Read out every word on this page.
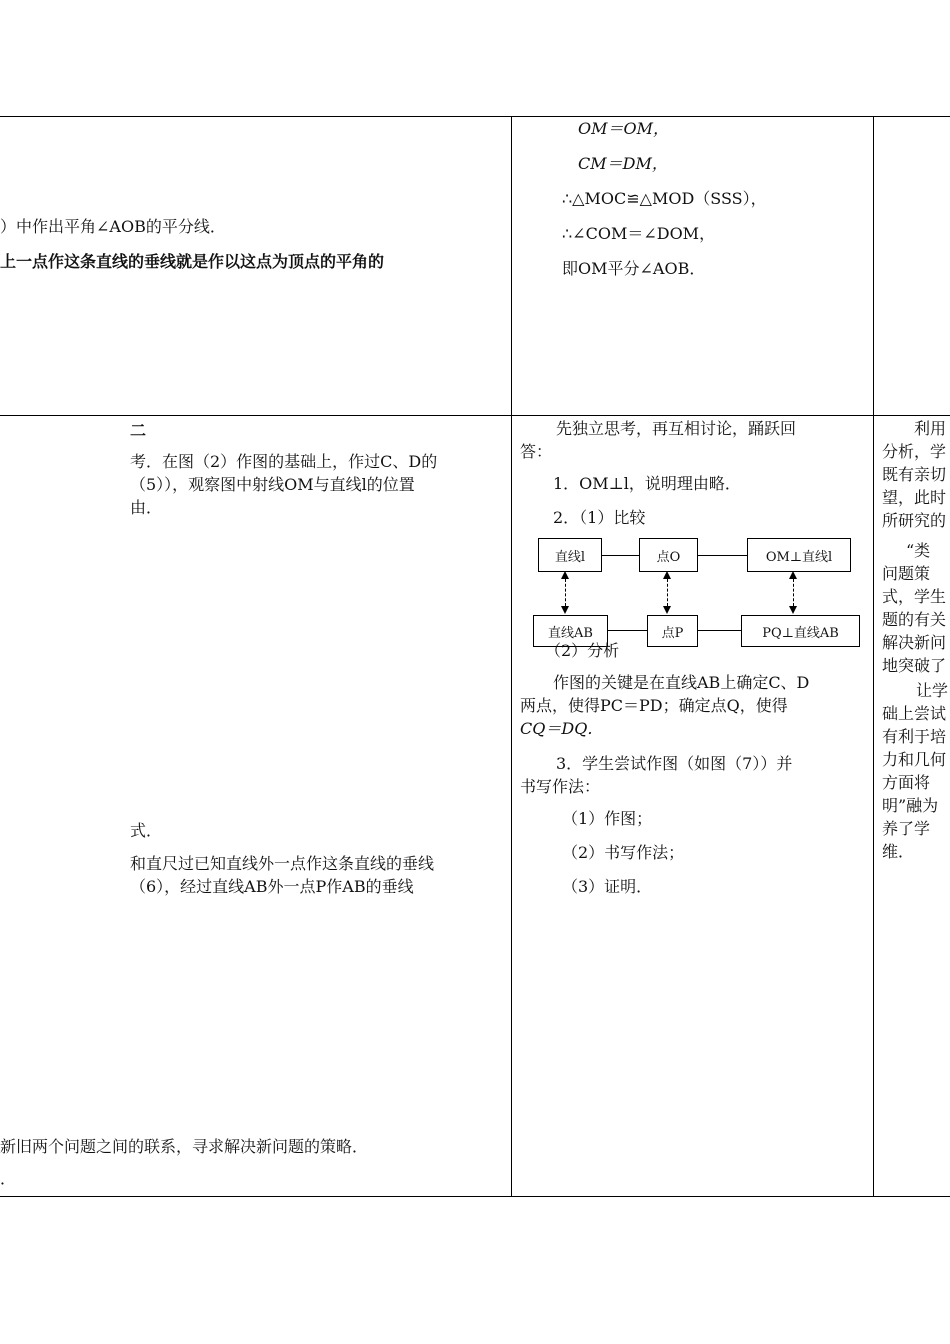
）中作出平角∠AOB的平分线．
上一点作这条直线的垂线就是作以这点为顶点的平角的
OM＝OM，
CM＝DM，
∴△MOC≌△MOD（SSS），
∴∠COM＝∠DOM，
即OM平分∠AOB．
二
考．在图（2）作图的基础上，作过C、D的
（5）），观察图中射线OM与直线l的位置
由．
式．
和直尺过已知直线外一点作这条直线的垂线
（6），经过直线AB外一点P作AB的垂线
新旧两个问题之间的联系，寻求解决新问题的策略．
．
先独立思考，再互相讨论，踊跃回
答：
1．OM⊥l，说明理由略．
2．（1）比较
直线l	点O	OM⊥直线l
直线AB	点P	PQ⊥直线AB
（2）分析
作图的关键是在直线AB上确定C、D
两点，使得PC＝PD；确定点Q，使得
CQ＝DQ．
3．学生尝试作图（如图（7））并
书写作法：
（1）作图；
（2）书写作法；
（3）证明．
利用
分析，学
既有亲切
望，此时
所研究的
“类
问题策
式，学生
题的有关
解决新问
地突破了
让学
础上尝试
有利于培
力和几何
方面将
明”融为
养了学
维．
